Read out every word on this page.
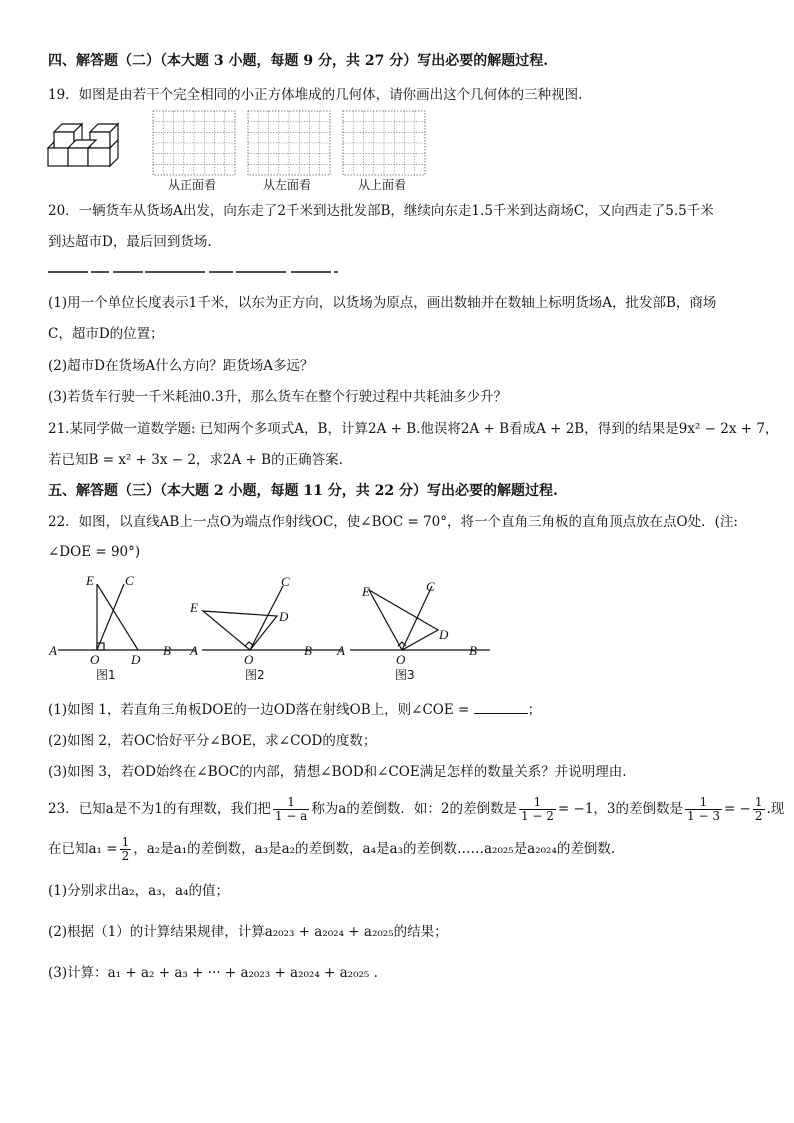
四、解答题（二）（本大题 3 小题，每题 9 分，共 27 分）写出必要的解题过程.
19．如图是由若干个完全相同的小正方体堆成的几何体，请你画出这个几何体的三种视图.
从正面看	从左面看	从上面看
20．一辆货车从货场A出发，向东走了2千米到达批发部B，继续向东走1.5千米到达商场C，又向西走了5.5千米
到达超市D，最后回到货场.
(1)用一个单位长度表示1千米，以东为正方向，以货场为原点，画出数轴并在数轴上标明货场A，批发部B，商场
C，超市D的位置；
(2)超市D在货场A什么方向？距货场A多远？
(3)若货车行驶一千米耗油0.3升，那么货车在整个行驶过程中共耗油多少升？
21.某同学做一道数学题: 已知两个多项式A，B，计算2A + B.他误将2A + B看成A + 2B，得到的结果是9x² − 2x + 7，
若已知B = x² + 3x − 2，求2A + B的正确答案.
五、解答题（三）（本大题 2 小题，每题 11 分，共 22 分）写出必要的解题过程.
22．如图，以直线AB上一点O为端点作射线OC，使∠BOC = 70°，将一个直角三角板的直角顶点放在点O处．(注:
∠DOE = 90°)
E C
A
O D
B
E
C
D
A
O
B
E	C
D
A
O
B
图1	图2	图3
(1)如图 1，若直角三角板DOE的一边OD落在射线OB上，则∠COE =	；
(2)如图 2，若OC恰好平分∠BOE，求∠COD的度数；
(3)如图 3，若OD始终在∠BOC的内部，猜想∠BOD和∠COE满足怎样的数量关系？并说明理由.
23．已知a是不为1的有理数，我们把 $\frac{1}{1 - a}$ 称为a的差倒数．如：2的差倒数是 $\frac{1}{1 - 2} = -1$，3的差倒数是 $\frac{1}{1 - 3}$ = − $\frac{1}{2}$ .现
在已知$a_1 = \frac{1}{2}$ ，a₂是a₁的差倒数，a₃是a₂的差倒数，a₄是a₃的差倒数……a₂₀₂₅是a₂₀₂₄的差倒数.
(1)分别求出a₂，a₃，a₄的值；
(2)根据（1）的计算结果规律，计算a₂₀₂₃ + a₂₀₂₄ + a₂₀₂₅的结果；
(3)计算：a₁ + a₂ + a₃ + ··· + a₂₀₂₃ + a₂₀₂₄ + a₂₀₂₅ .
